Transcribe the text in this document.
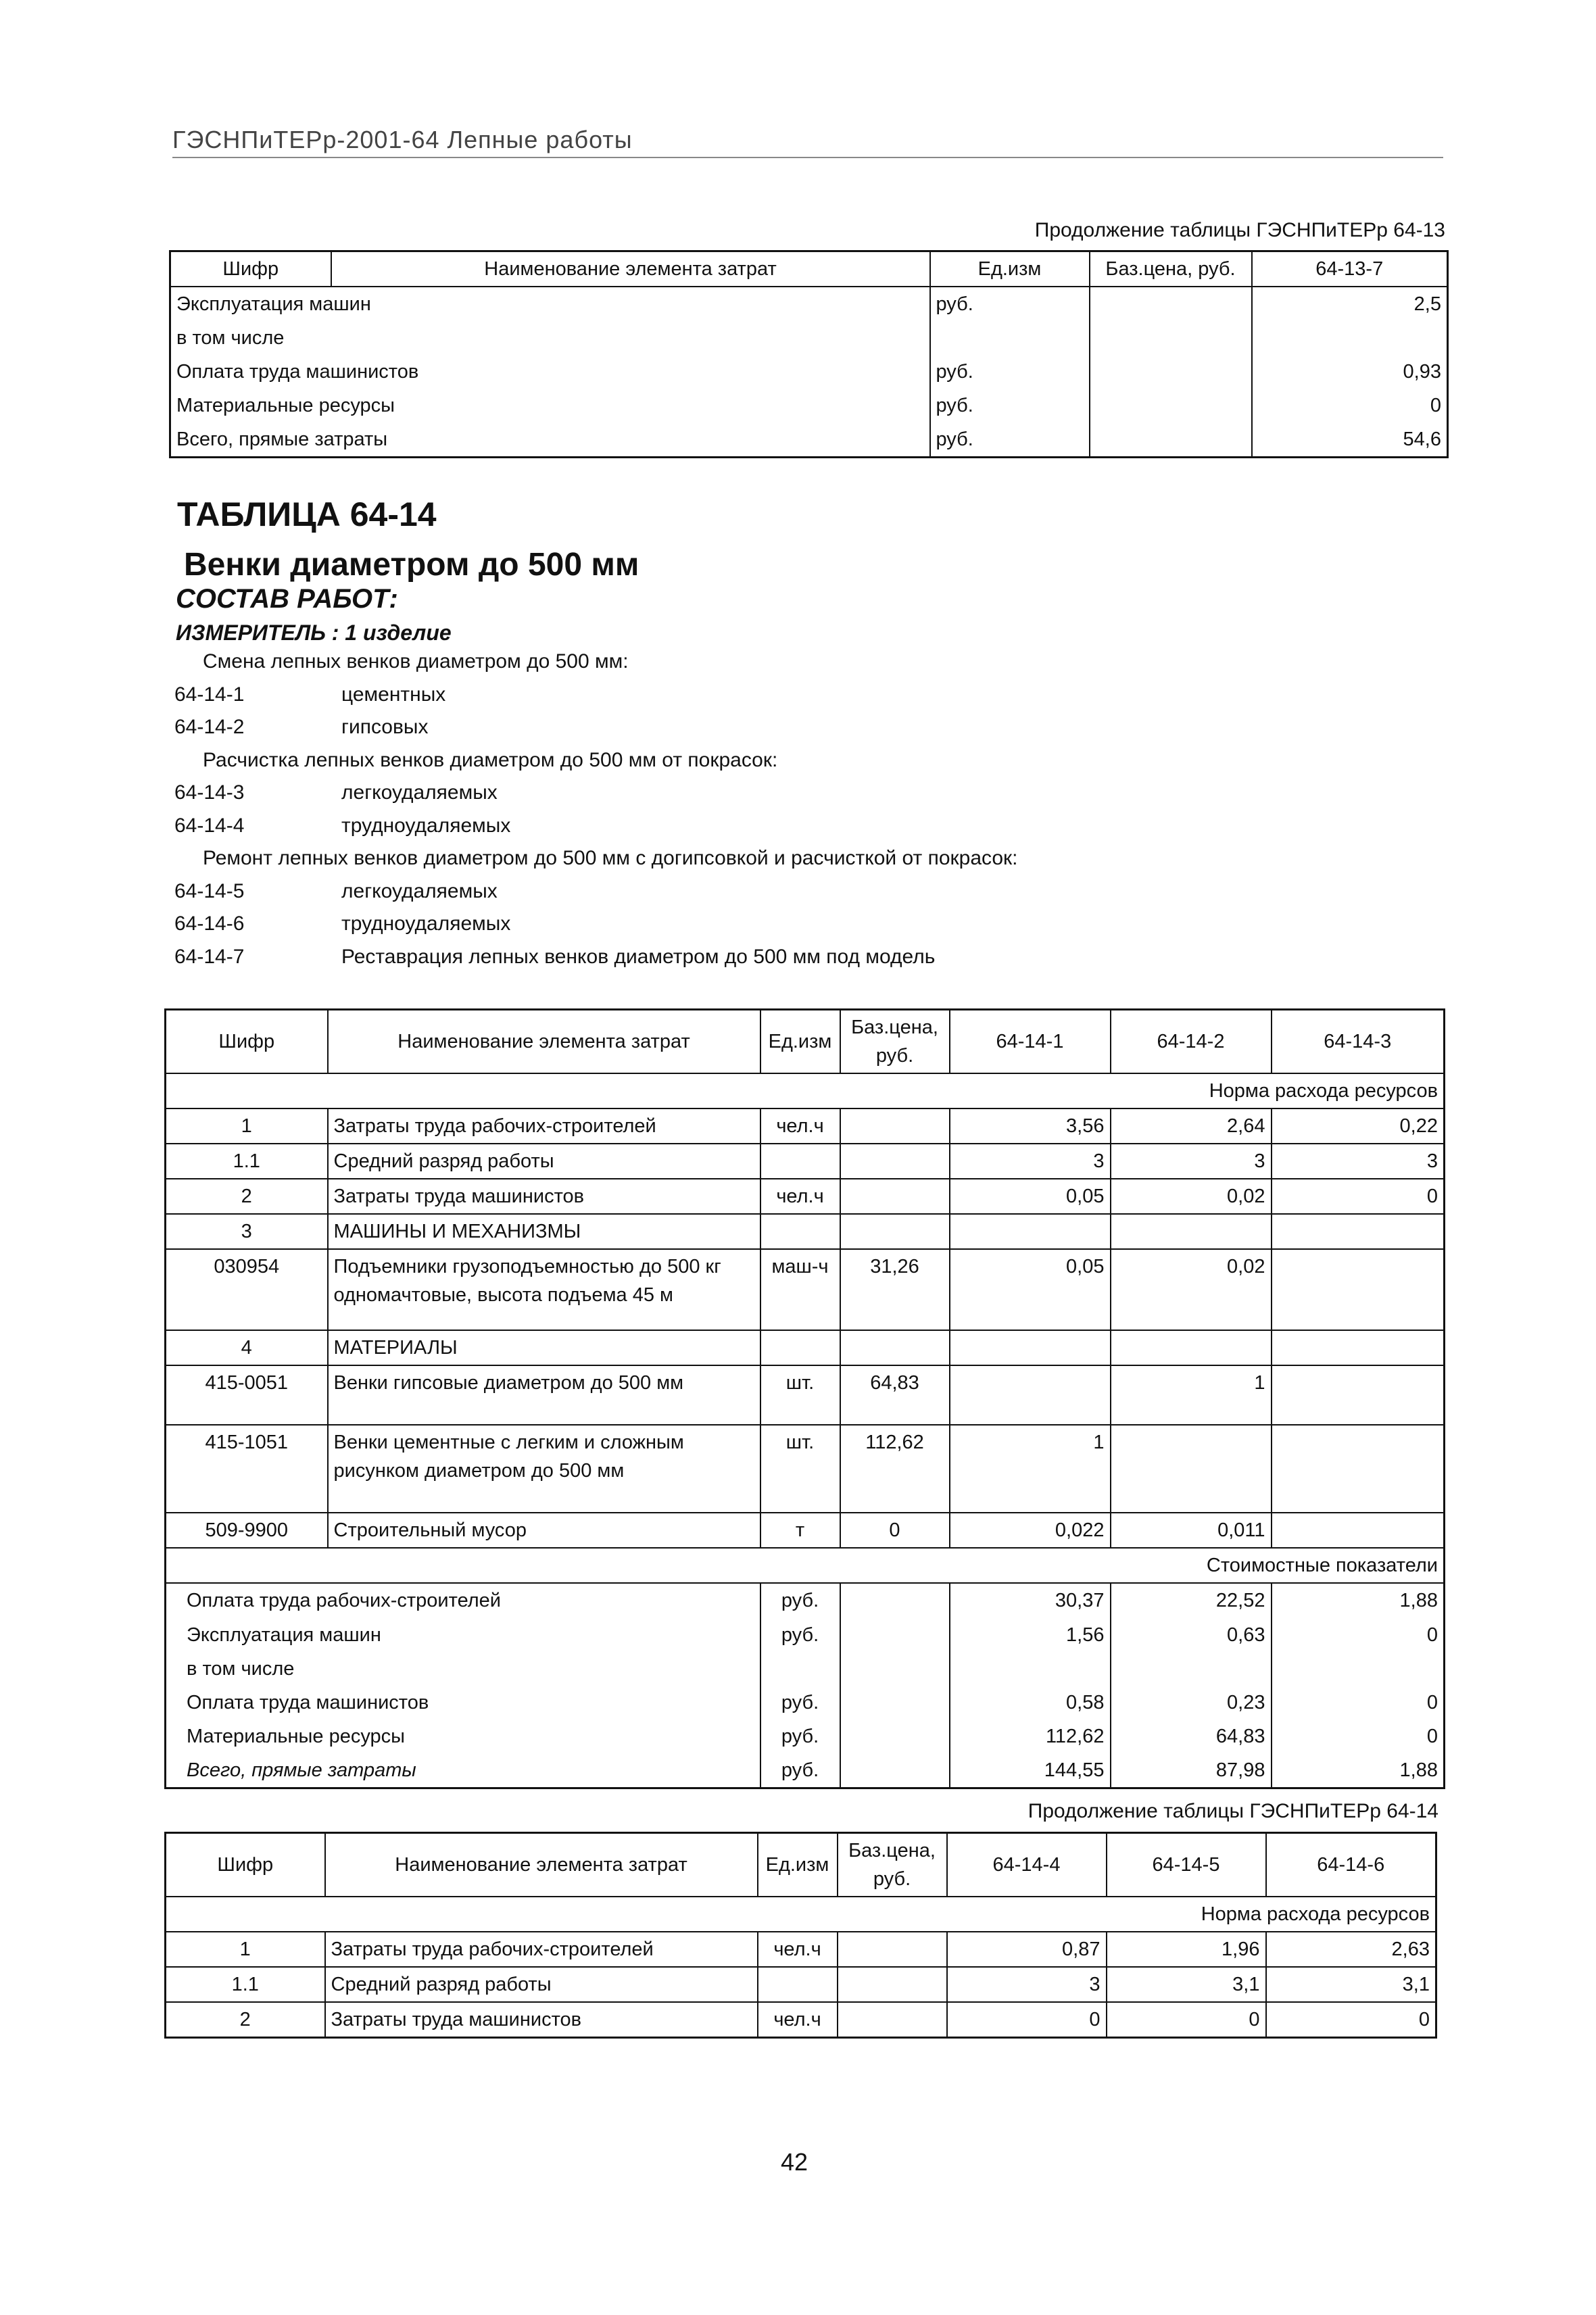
ГЭСНПиТЕРр-2001-64 Лепные работы
Продолжение таблицы ГЭСНПиТЕРр 64-13
Шифр	Наименование элемента затрат	Ед.изм	Баз.цена, руб.	64-13-7
Эксплуатация машин		руб.		2,5
в том числе				
Оплата труда машинистов		руб.		0,93
Материальные ресурсы		руб.		0
Всего, прямые затраты		руб.		54,6
ТАБЛИЦА 64-14
Венки диаметром до 500 мм
СОСТАВ РАБОТ:
ИЗМЕРИТЕЛЬ : 1 изделие
Смена лепных венков диаметром до 500 мм:
64-14-1	цементных
64-14-2	гипсовых
Расчистка лепных венков диаметром до 500 мм от покрасок:
64-14-3	легкоудаляемых
64-14-4	трудноудаляемых
Ремонт лепных венков диаметром до 500 мм с догипсовкой и расчисткой от покрасок:
64-14-5	легкоудаляемых
64-14-6	трудноудаляемых
64-14-7	Реставрация лепных венков диаметром до 500 мм под модель
Шифр	Наименование элемента затрат	Ед.изм	Баз.цена, руб.	64-14-1	64-14-2	64-14-3
Норма расхода ресурсов						
1	Затраты труда рабочих-строителей	чел.ч		3,56	2,64	0,22
1.1	Средний разряд работы			3	3	3
2	Затраты труда машинистов	чел.ч		0,05	0,02	0
3	МАШИНЫ И МЕХАНИЗМЫ					
030954	Подъемники грузоподъемностью до 500 кг одномачтовые, высота подъема 45 м	маш-ч	31,26	0,05	0,02	
4	МАТЕРИАЛЫ					
415-0051	Венки гипсовые диаметром до 500 мм	шт.	64,83		1	
415-1051	Венки цементные с легким и сложным рисунком диаметром до 500 мм	шт.	112,62	1		
509-9900	Строительный мусор	т	0	0,022	0,011	
Стоимостные показатели						
Оплата труда рабочих-строителей		руб.		30,37	22,52	1,88
Эксплуатация машин		руб.		1,56	0,63	0
в том числе						
Оплата труда машинистов		руб.		0,58	0,23	0
Материальные ресурсы		руб.		112,62	64,83	0
Всего, прямые затраты		руб.		144,55	87,98	1,88
Продолжение таблицы ГЭСНПиТЕРр 64-14
Шифр	Наименование элемента затрат	Ед.изм	Баз.цена, руб.	64-14-4	64-14-5	64-14-6
Норма расхода ресурсов						
1	Затраты труда рабочих-строителей	чел.ч		0,87	1,96	2,63
1.1	Средний разряд работы			3	3,1	3,1
2	Затраты труда машинистов	чел.ч		0	0	0
42
